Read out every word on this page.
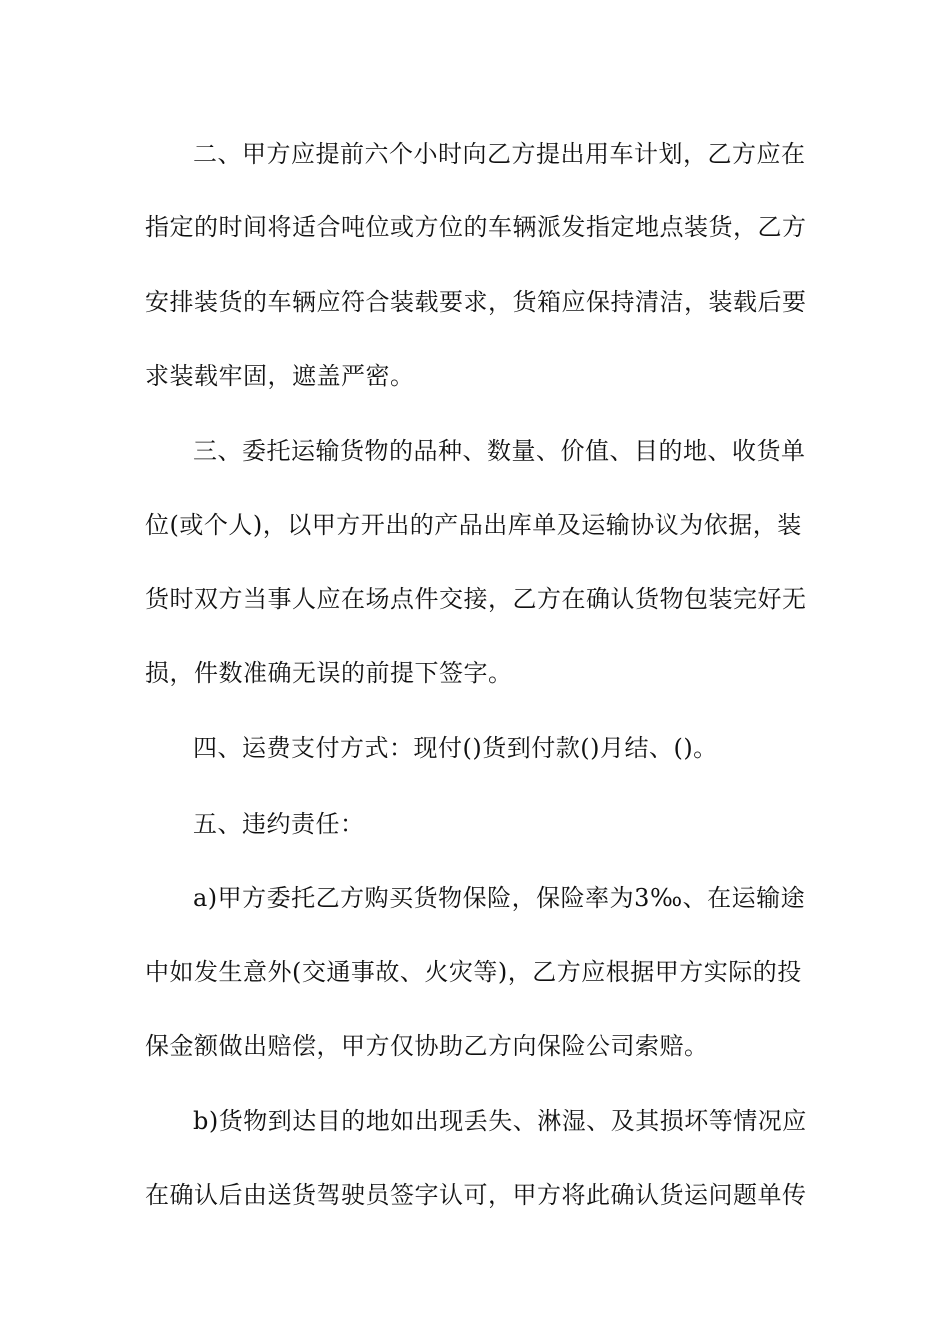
二、甲方应提前六个小时向乙方提出用车计划，乙方应在
指定的时间将适合吨位或方位的车辆派发指定地点装货，乙方
安排装货的车辆应符合装载要求，货箱应保持清洁，装载后要
求装载牢固，遮盖严密。
三、委托运输货物的品种、数量、价值、目的地、收货单
位(或个人)，以甲方开出的产品出库单及运输协议为依据，装
货时双方当事人应在场点件交接，乙方在确认货物包装完好无
损，件数准确无误的前提下签字。
四、运费支付方式：现付()货到付款()月结、()。
五、违约责任：
a)甲方委托乙方购买货物保险，保险率为3‰、在运输途
中如发生意外(交通事故、火灾等)，乙方应根据甲方实际的投
保金额做出赔偿，甲方仅协助乙方向保险公司索赔。
b)货物到达目的地如出现丢失、淋湿、及其损坏等情况应
在确认后由送货驾驶员签字认可，甲方将此确认货运问题单传
